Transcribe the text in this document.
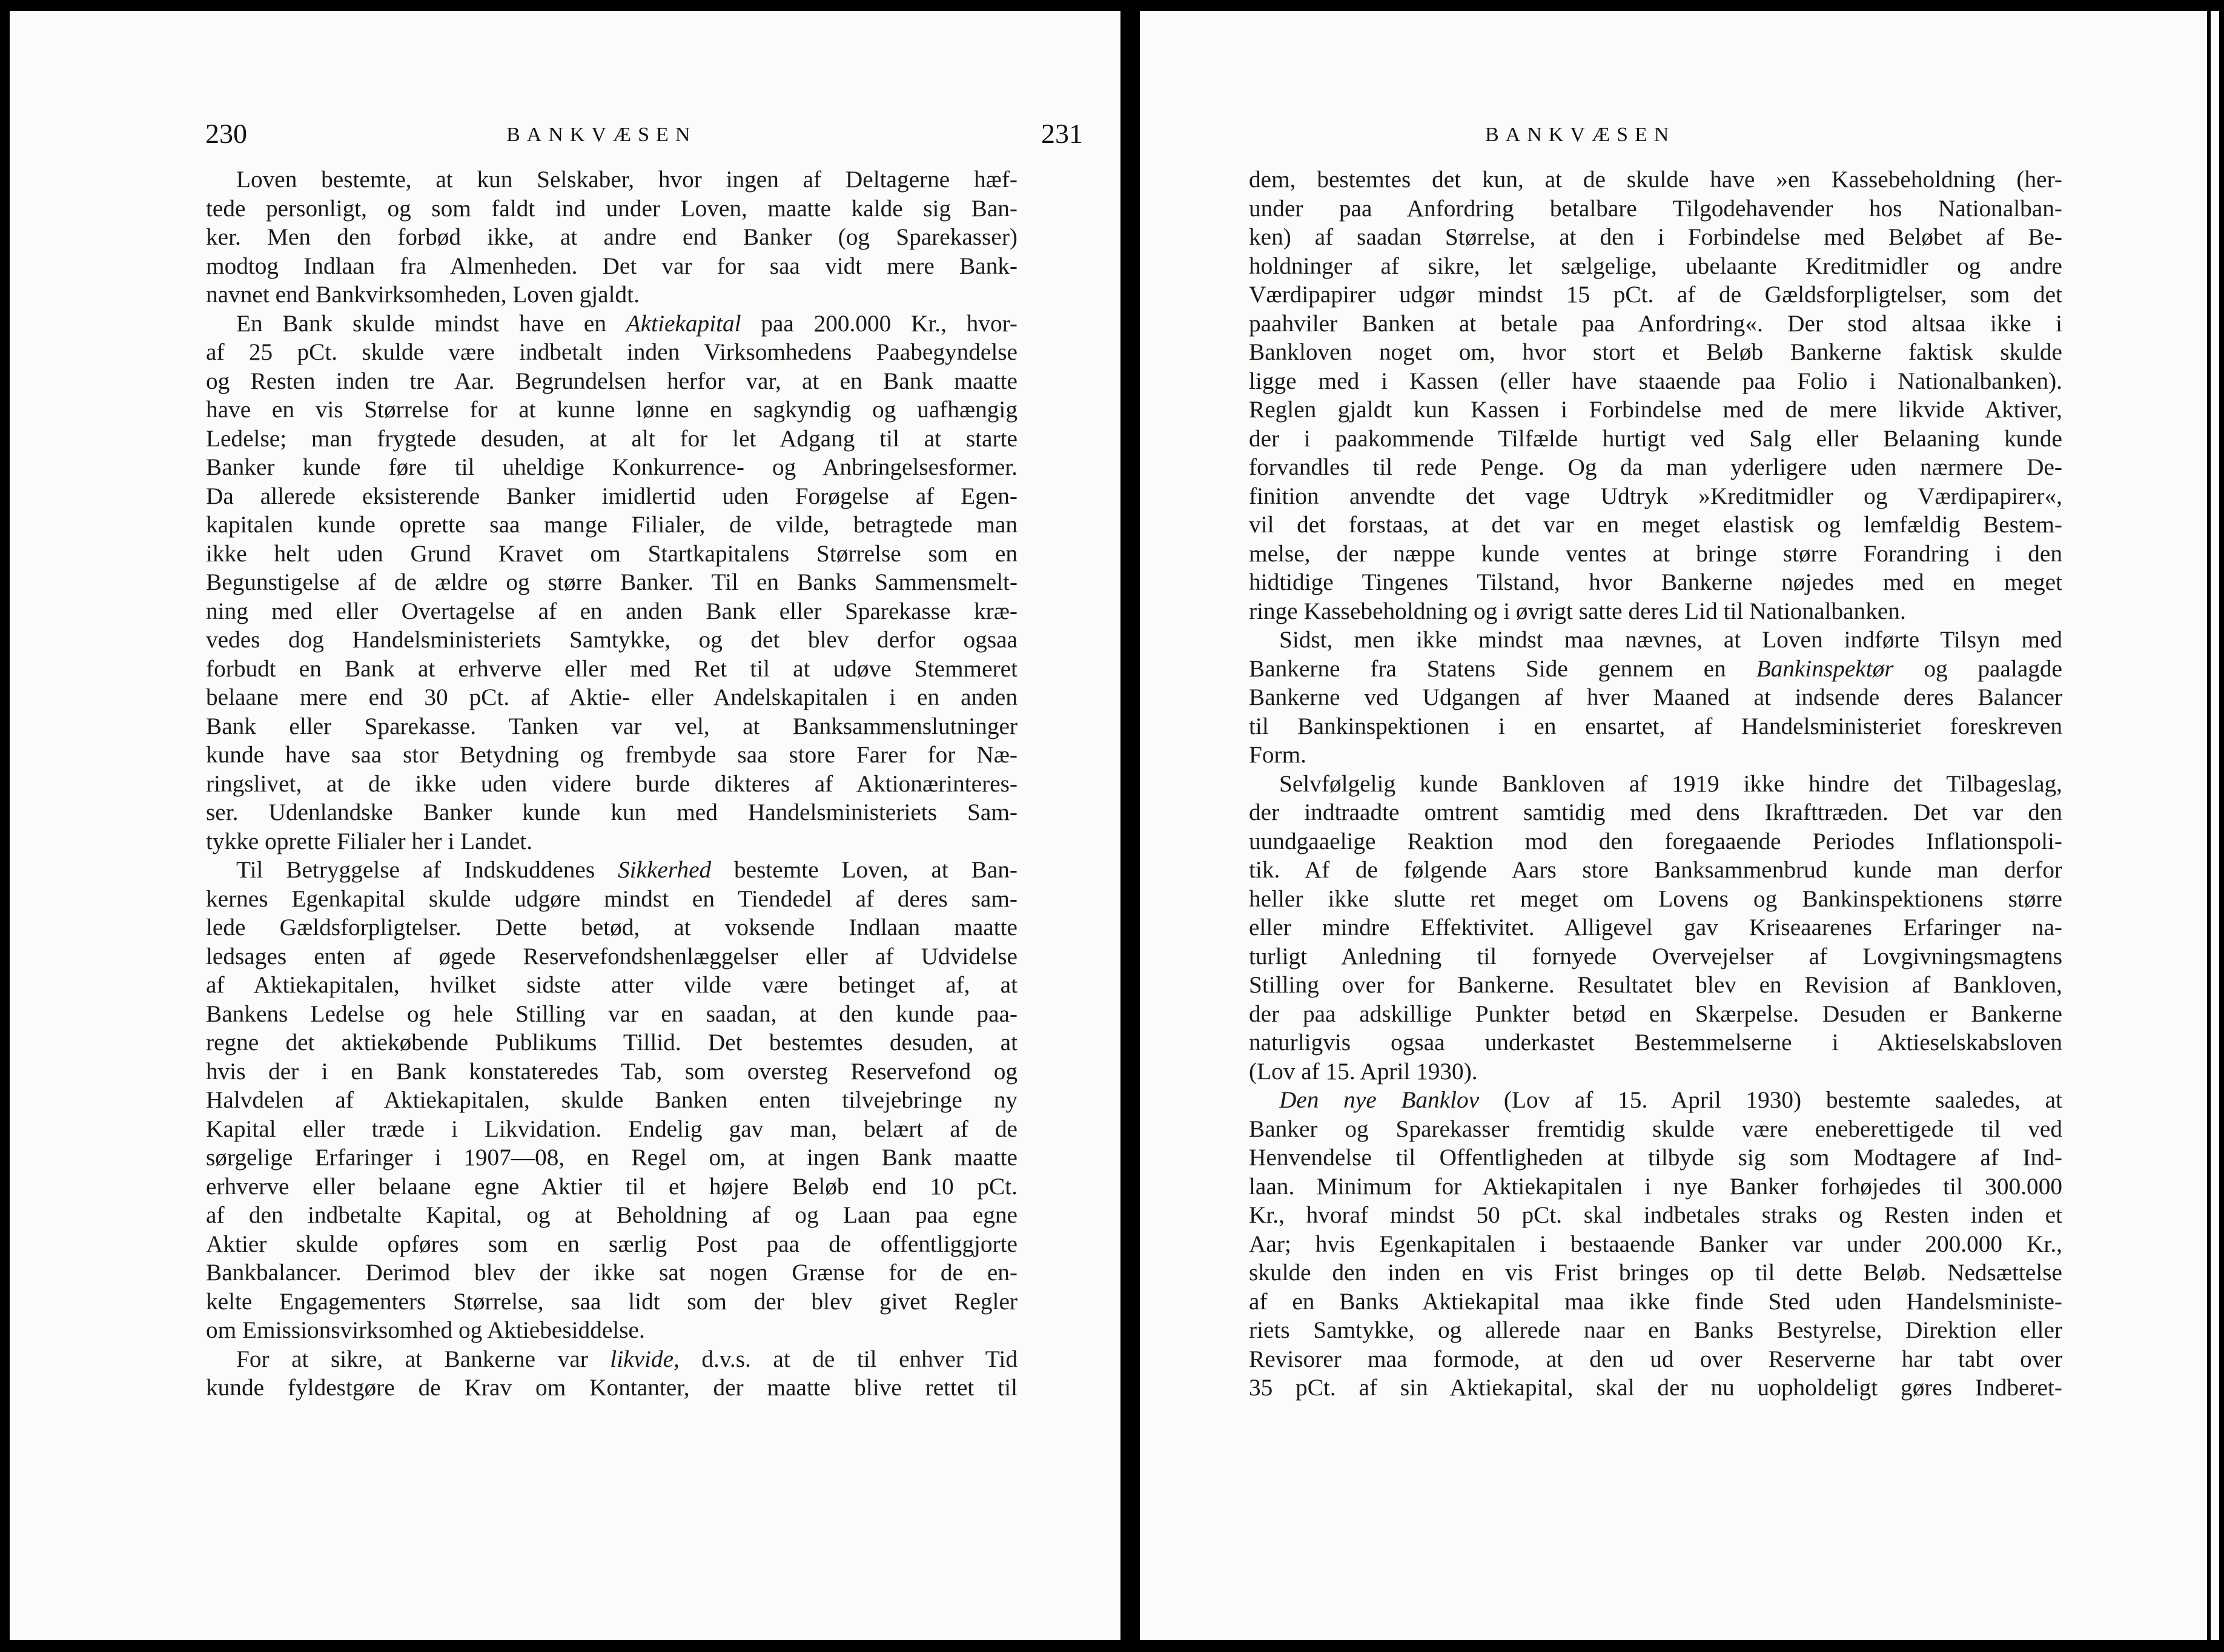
230	BANKVÆSEN
Loven bestemte, at kun Selskaber, hvor ingen af Deltagerne hæf-
tede personligt, og som faldt ind under Loven, maatte kalde sig Ban-
ker. Men den forbød ikke, at andre end Banker (og Sparekasser)
modtog Indlaan fra Almenheden. Det var for saa vidt mere Bank-
navnet end Bankvirksomheden, Loven gjaldt.
En Bank skulde mindst have en Aktiekapital paa 200.000 Kr., hvor-
af 25 pCt. skulde være indbetalt inden Virksomhedens Paabegyndelse
og Resten inden tre Aar. Begrundelsen herfor var, at en Bank maatte
have en vis Størrelse for at kunne lønne en sagkyndig og uafhængig
Ledelse; man frygtede desuden, at alt for let Adgang til at starte
Banker kunde føre til uheldige Konkurrence- og Anbringelsesformer.
Da allerede eksisterende Banker imidlertid uden Forøgelse af Egen-
kapitalen kunde oprette saa mange Filialer, de vilde, betragtede man
ikke helt uden Grund Kravet om Startkapitalens Størrelse som en
Begunstigelse af de ældre og større Banker. Til en Banks Sammensmelt-
ning med eller Overtagelse af en anden Bank eller Sparekasse kræ-
vedes dog Handelsministeriets Samtykke, og det blev derfor ogsaa
forbudt en Bank at erhverve eller med Ret til at udøve Stemmeret
belaane mere end 30 pCt. af Aktie- eller Andelskapitalen i en anden
Bank eller Sparekasse. Tanken var vel, at Banksammenslutninger
kunde have saa stor Betydning og frembyde saa store Farer for Næ-
ringslivet, at de ikke uden videre burde dikteres af Aktionærinteres-
ser. Udenlandske Banker kunde kun med Handelsministeriets Sam-
tykke oprette Filialer her i Landet.
Til Betryggelse af Indskuddenes Sikkerhed bestemte Loven, at Ban-
kernes Egenkapital skulde udgøre mindst en Tiendedel af deres sam-
lede Gældsforpligtelser. Dette betød, at voksende Indlaan maatte
ledsages enten af øgede Reservefondshenlæggelser eller af Udvidelse
af Aktiekapitalen, hvilket sidste atter vilde være betinget af, at
Bankens Ledelse og hele Stilling var en saadan, at den kunde paa-
regne det aktiekøbende Publikums Tillid. Det bestemtes desuden, at
hvis der i en Bank konstateredes Tab, som oversteg Reservefond og
Halvdelen af Aktiekapitalen, skulde Banken enten tilvejebringe ny
Kapital eller træde i Likvidation. Endelig gav man, belært af de
sørgelige Erfaringer i 1907—08, en Regel om, at ingen Bank maatte
erhverve eller belaane egne Aktier til et højere Beløb end 10 pCt.
af den indbetalte Kapital, og at Beholdning af og Laan paa egne
Aktier skulde opføres som en særlig Post paa de offentliggjorte
Bankbalancer. Derimod blev der ikke sat nogen Grænse for de en-
kelte Engagementers Størrelse, saa lidt som der blev givet Regler
om Emissionsvirksomhed og Aktiebesiddelse.
For at sikre, at Bankerne var likvide, d.v.s. at de til enhver Tid
kunde fyldestgøre de Krav om Kontanter, der maatte blive rettet til
BANKVÆSEN
231
dem, bestemtes det kun, at de skulde have »en Kassebeholdning (her-
under paa Anfordring betalbare Tilgodehavender hos Nationalban-
ken) af saadan Størrelse, at den i Forbindelse med Beløbet af Be-
holdninger af sikre, let sælgelige, ubelaante Kreditmidler og andre
Værdipapirer udgør mindst 15 pCt. af de Gældsforpligtelser, som det
paahviler Banken at betale paa Anfordring«. Der stod altsaa ikke i
Bankloven noget om, hvor stort et Beløb Bankerne faktisk skulde
ligge med i Kassen (eller have staaende paa Folio i Nationalbanken).
Reglen gjaldt kun Kassen i Forbindelse med de mere likvide Aktiver,
der i paakommende Tilfælde hurtigt ved Salg eller Belaaning kunde
forvandles til rede Penge. Og da man yderligere uden nærmere De-
finition anvendte det vage Udtryk »Kreditmidler og Værdipapirer«,
vil det forstaas, at det var en meget elastisk og lemfældig Bestem-
melse, der næppe kunde ventes at bringe større Forandring i den
hidtidige Tingenes Tilstand, hvor Bankerne nøjedes med en meget
ringe Kassebeholdning og i øvrigt satte deres Lid til Nationalbanken.
Sidst, men ikke mindst maa nævnes, at Loven indførte Tilsyn med
Bankerne fra Statens Side gennem en Bankinspektør og paalagde
Bankerne ved Udgangen af hver Maaned at indsende deres Balancer
til Bankinspektionen i en ensartet, af Handelsministeriet foreskreven
Form.
Selvfølgelig kunde Bankloven af 1919 ikke hindre det Tilbageslag,
der indtraadte omtrent samtidig med dens Ikrafttræden. Det var den
uundgaaelige Reaktion mod den foregaaende Periodes Inflationspoli-
tik. Af de følgende Aars store Banksammenbrud kunde man derfor
heller ikke slutte ret meget om Lovens og Bankinspektionens større
eller mindre Effektivitet. Alligevel gav Kriseaarenes Erfaringer na-
turligt Anledning til fornyede Overvejelser af Lovgivningsmagtens
Stilling over for Bankerne. Resultatet blev en Revision af Bankloven,
der paa adskillige Punkter betød en Skærpelse. Desuden er Bankerne
naturligvis ogsaa underkastet Bestemmelserne i Aktieselskabsloven
(Lov af 15. April 1930).
Den nye Banklov (Lov af 15. April 1930) bestemte saaledes, at
Banker og Sparekasser fremtidig skulde være eneberettigede til ved
Henvendelse til Offentligheden at tilbyde sig som Modtagere af Ind-
laan. Minimum for Aktiekapitalen i nye Banker forhøjedes til 300.000
Kr., hvoraf mindst 50 pCt. skal indbetales straks og Resten inden et
Aar; hvis Egenkapitalen i bestaaende Banker var under 200.000 Kr.,
skulde den inden en vis Frist bringes op til dette Beløb. Nedsættelse
af en Banks Aktiekapital maa ikke finde Sted uden Handelsministe-
riets Samtykke, og allerede naar en Banks Bestyrelse, Direktion eller
Revisorer maa formode, at den ud over Reserverne har tabt over
35 pCt. af sin Aktiekapital, skal der nu uopholdeligt gøres Indberet-
